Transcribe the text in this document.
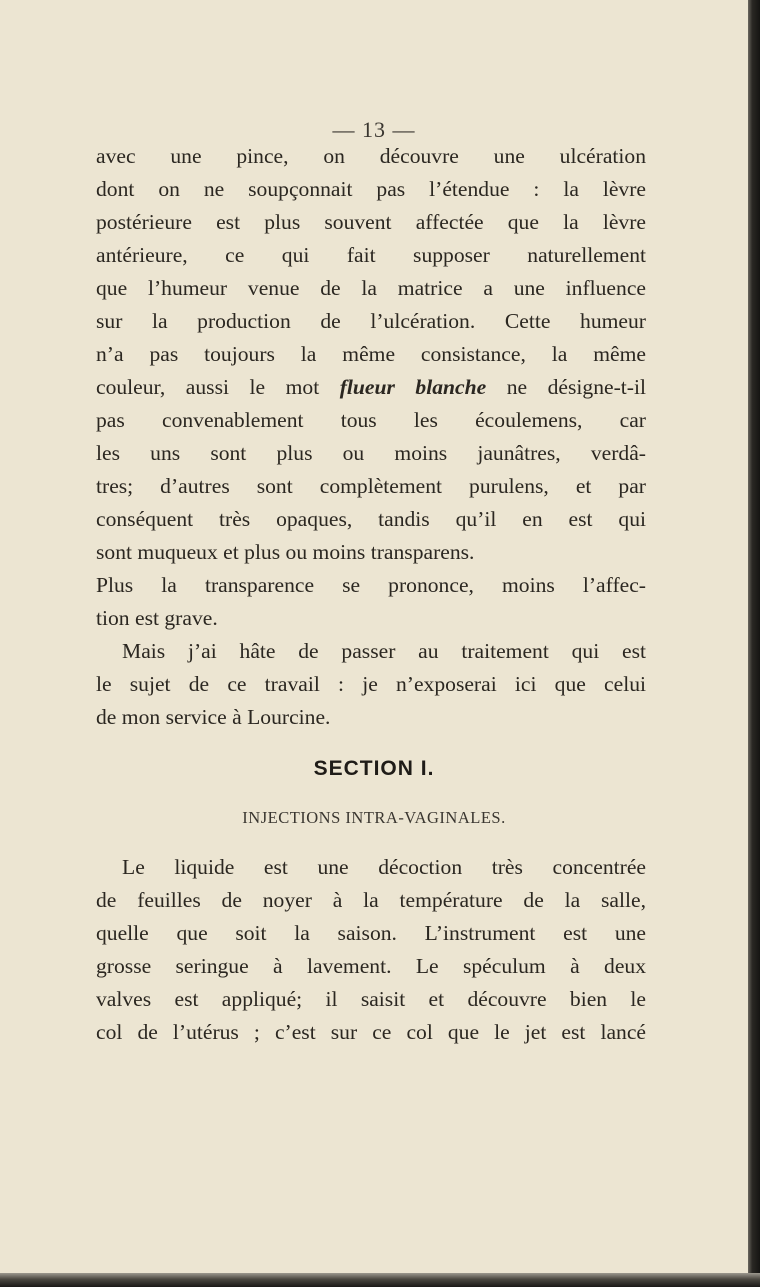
— 13 —
avec une pince, on découvre une ulcération
dont on ne soupçonnait pas l’étendue : la lèvre
postérieure est plus souvent affectée que la lèvre
antérieure, ce qui fait supposer naturellement
que l’humeur venue de la matrice a une influence
sur la production de l’ulcération. Cette humeur
n’a pas toujours la même consistance, la même
couleur, aussi le mot flueur blanche ne désigne-t-il
pas convenablement tous les écoulemens, car
les uns sont plus ou moins jaunâtres, verdâ-
tres; d’autres sont complètement purulens, et par
conséquent très opaques, tandis qu’il en est qui
sont muqueux et plus ou moins transparens.
Plus la transparence se prononce, moins l’affec-
tion est grave.
Mais j’ai hâte de passer au traitement qui est
le sujet de ce travail : je n’exposerai ici que celui
de mon service à Lourcine.
SECTION I.
INJECTIONS INTRA-VAGINALES.
Le liquide est une décoction très concentrée
de feuilles de noyer à la température de la salle,
quelle que soit la saison. L’instrument est une
grosse seringue à lavement. Le spéculum à deux
valves est appliqué; il saisit et découvre bien le
col de l’utérus ; c’est sur ce col que le jet est lancé
